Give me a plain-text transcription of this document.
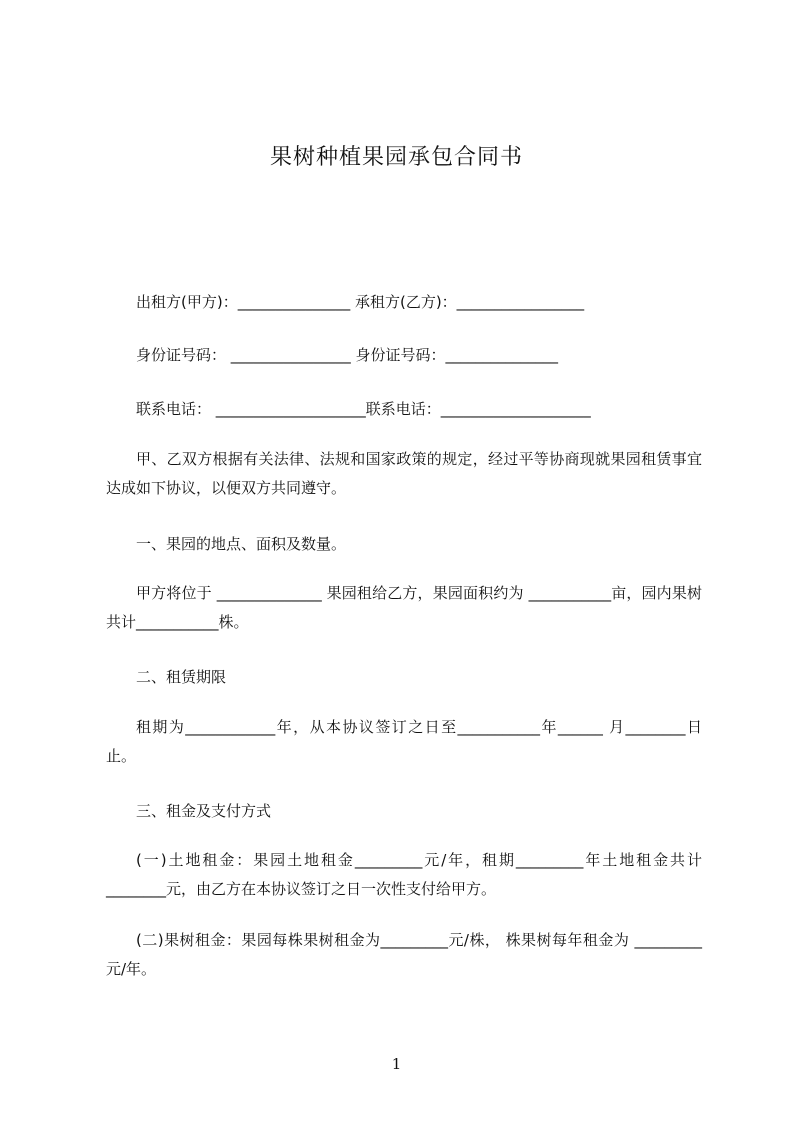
果树种植果园承包合同书
出租方(甲方)：_______________ 承租方(乙方)：_________________
身份证号码： ________________ 身份证号码：_______________
联系电话： ____________________联系电话：____________________

甲、乙双方根据有关法律、法规和国家政策的规定，经过平等协商现就果园租赁事宜达成如下协议，以便双方共同遵守。

一、果园的地点、面积及数量。

甲方将位于 ______________ 果园租给乙方，果园面积约为 ___________亩，园内果树共计___________株。

二、租赁期限

租期为____________年，从本协议签订之日至___________年______ 月________日止。

三、租金及支付方式

(一)土地租金：果园土地租金_________元/年，租期_________年土地租金共计________元，由乙方在本协议签订之日一次性支付给甲方。

(二)果树租金：果园每株果树租金为_________元/株， 株果树每年租金为 _________元/年。

1
